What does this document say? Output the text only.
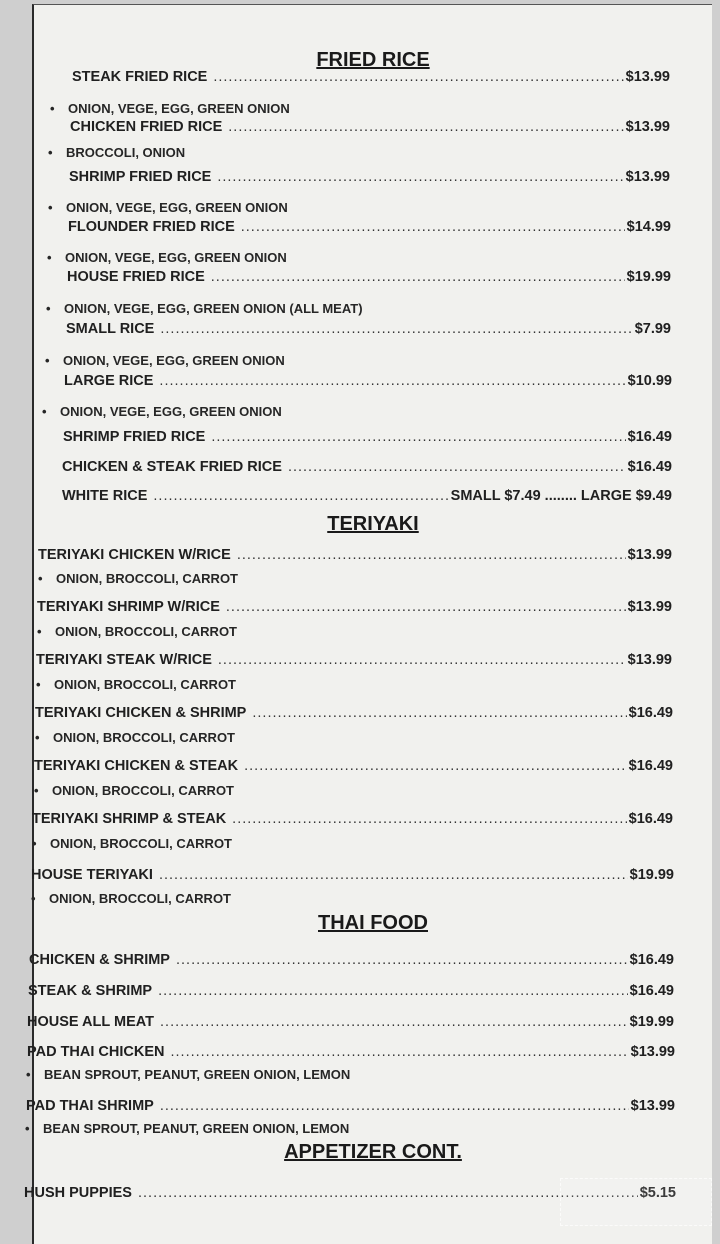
FRIED RICE
STEAK FRIED RICE .....	$13.99
• ONION, VEGE, EGG, GREEN ONION
CHICKEN FRIED RICE .....	$13.99
• BROCCOLI, ONION
SHRIMP FRIED RICE .....	$13.99
• ONION, VEGE, EGG, GREEN ONION
FLOUNDER FRIED RICE .....	$14.99
• ONION, VEGE, EGG, GREEN ONION
HOUSE FRIED RICE .....	$19.99
• ONION, VEGE, EGG, GREEN ONION (ALL MEAT)
SMALL RICE .....	$7.99
• ONION, VEGE, EGG, GREEN ONION
LARGE RICE .....	$10.99
• ONION, VEGE, EGG, GREEN ONION
SHRIMP FRIED RICE .....	$16.49
CHICKEN & STEAK FRIED RICE .....	$16.49
WHITE RICE .....	SMALL $7.49 ........ LARGE $9.49
TERIYAKI
TERIYAKI CHICKEN W/RICE .....	$13.99
• ONION, BROCCOLI, CARROT
TERIYAKI SHRIMP W/RICE .....	$13.99
• ONION, BROCCOLI, CARROT
TERIYAKI STEAK W/RICE .....	$13.99
• ONION, BROCCOLI, CARROT
TERIYAKI CHICKEN & SHRIMP .....	$16.49
• ONION, BROCCOLI, CARROT
TERIYAKI CHICKEN & STEAK .....	$16.49
• ONION, BROCCOLI, CARROT
TERIYAKI SHRIMP & STEAK .....	$16.49
• ONION, BROCCOLI, CARROT
HOUSE TERIYAKI .....	$19.99
• ONION, BROCCOLI, CARROT
THAI FOOD
CHICKEN & SHRIMP .....	$16.49
STEAK & SHRIMP .....	$16.49
HOUSE ALL MEAT .....	$19.99
PAD THAI CHICKEN .....	$13.99
• BEAN SPROUT, PEANUT, GREEN ONION, LEMON
PAD THAI SHRIMP .....	$13.99
• BEAN SPROUT, PEANUT, GREEN ONION, LEMON
APPETIZER CONT.
HUSH PUPPIES .....	$5.15
